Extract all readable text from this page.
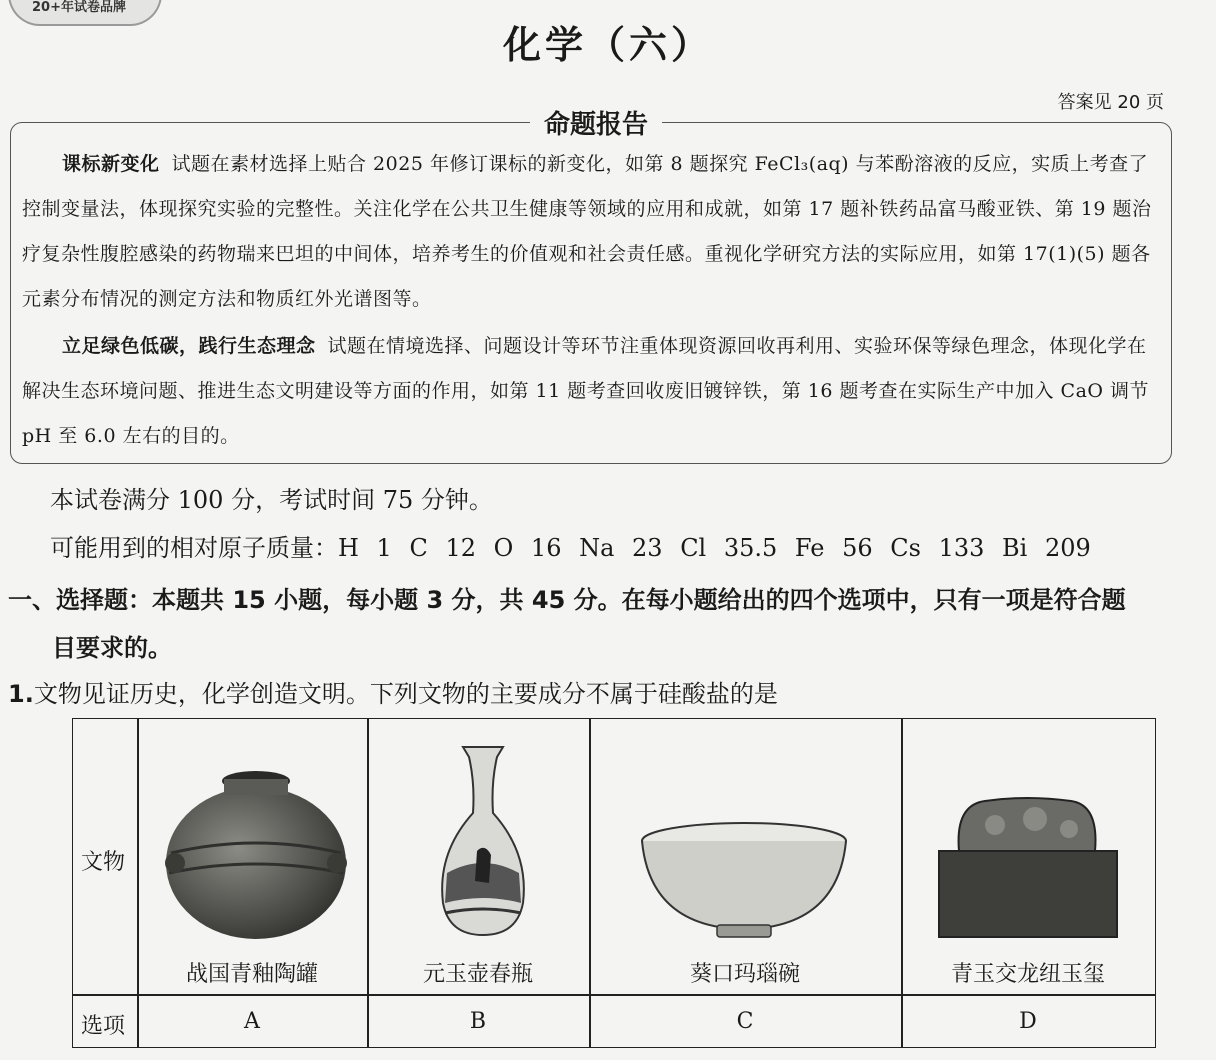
20+年试卷品牌
化学（六）
答案见 20 页
命题报告
课标新变化 试题在素材选择上贴合 2025 年修订课标的新变化，如第 8 题探究 FeCl₃(aq) 与苯酚溶液的反应，实质上考查了控制变量法，体现探究实验的完整性。关注化学在公共卫生健康等领域的应用和成就，如第 17 题补铁药品富马酸亚铁、第 19 题治疗复杂性腹腔感染的药物瑞来巴坦的中间体，培养考生的价值观和社会责任感。重视化学研究方法的实际应用，如第 17(1)(5) 题各元素分布情况的测定方法和物质红外光谱图等。
立足绿色低碳，践行生态理念 试题在情境选择、问题设计等环节注重体现资源回收再利用、实验环保等绿色理念，体现化学在解决生态环境问题、推进生态文明建设等方面的作用，如第 11 题考查回收废旧镀锌铁，第 16 题考查在实际生产中加入 CaO 调节 pH 至 6.0 左右的目的。
本试卷满分 100 分，考试时间 75 分钟。
可能用到的相对原子质量：H 1 C 12 O 16 Na 23 Cl 35.5 Fe 56 Cs 133 Bi 209
一、选择题：本题共 15 小题，每小题 3 分，共 45 分。在每小题给出的四个选项中，只有一项是符合题
目要求的。
1.文物见证历史，化学创造文明。下列文物的主要成分不属于硅酸盐的是
文物
选项
战国青釉陶罐
A
元玉壶春瓶
B
葵口玛瑙碗
C
青玉交龙纽玉玺
D
